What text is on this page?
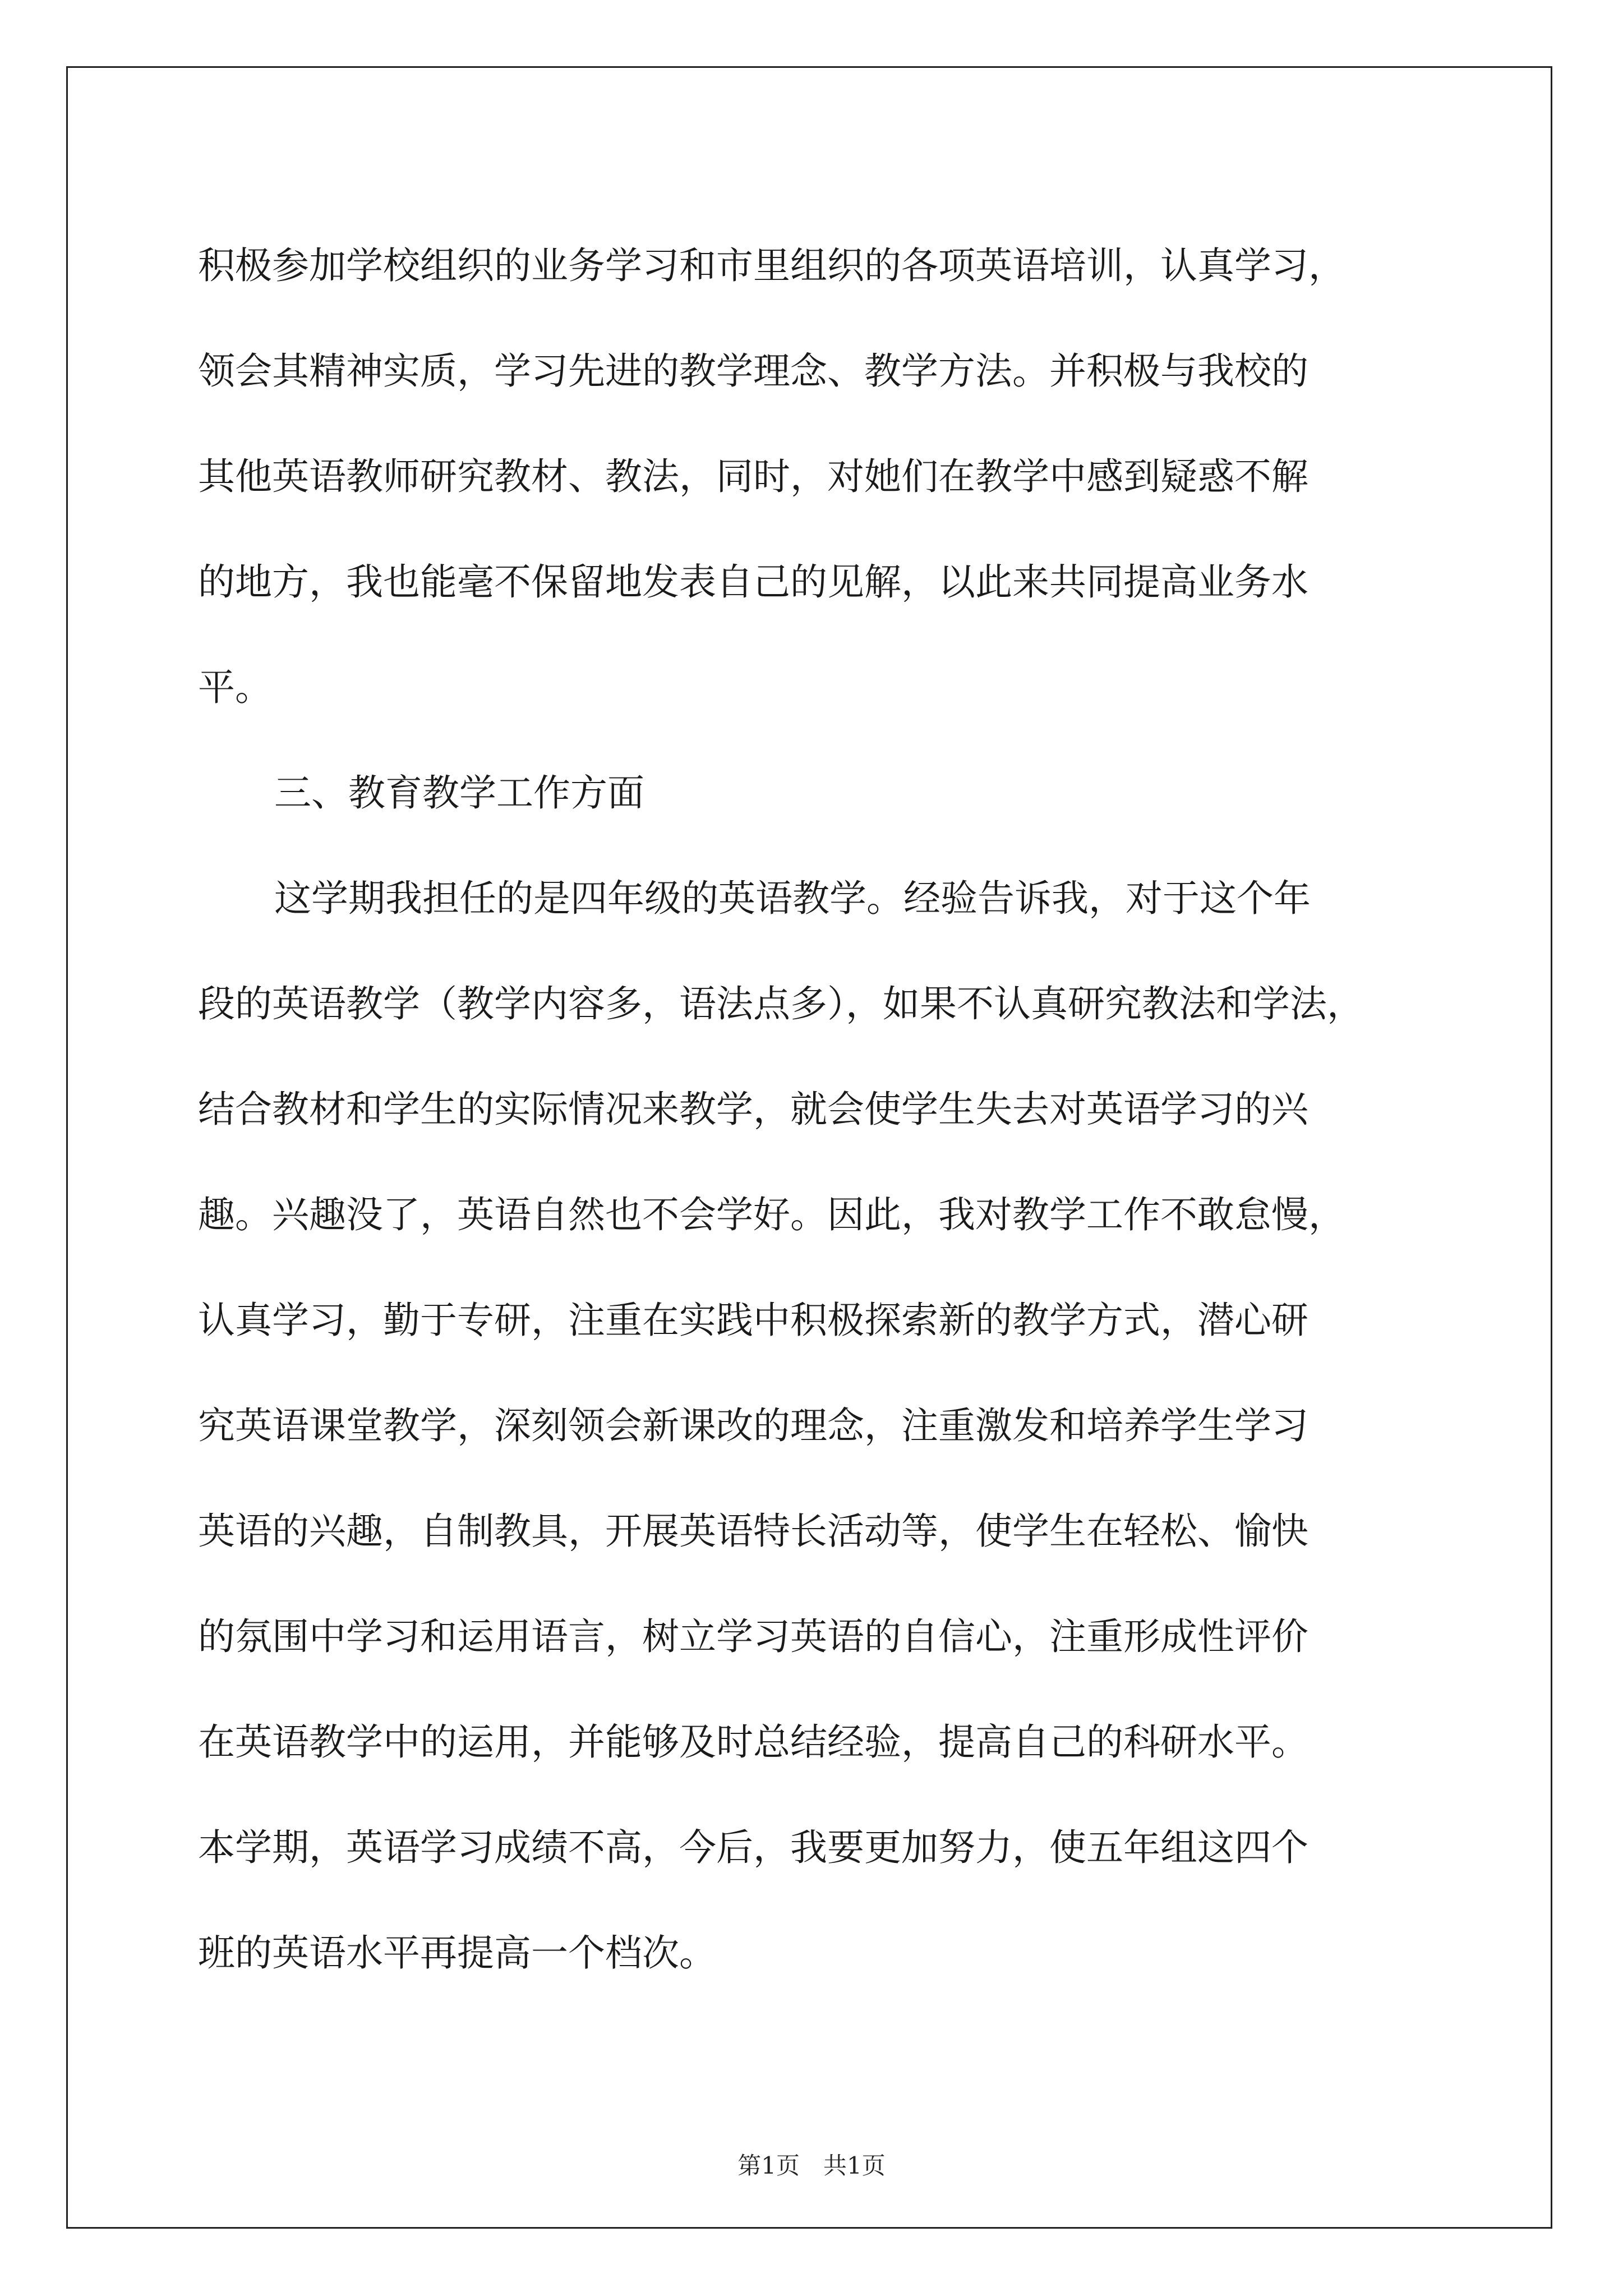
积极参加学校组织的业务学习和市里组织的各项英语培训，认真学习，
领会其精神实质，学习先进的教学理念、教学方法。并积极与我校的
其他英语教师研究教材、教法，同时，对她们在教学中感到疑惑不解
的地方，我也能毫不保留地发表自己的见解，以此来共同提高业务水
平。
三、教育教学工作方面
这学期我担任的是四年级的英语教学。经验告诉我，对于这个年
段的英语教学（教学内容多，语法点多），如果不认真研究教法和学法，
结合教材和学生的实际情况来教学，就会使学生失去对英语学习的兴
趣。兴趣没了，英语自然也不会学好。因此，我对教学工作不敢怠慢，
认真学习，勤于专研，注重在实践中积极探索新的教学方式，潜心研
究英语课堂教学，深刻领会新课改的理念，注重激发和培养学生学习
英语的兴趣，自制教具，开展英语特长活动等，使学生在轻松、愉快
的氛围中学习和运用语言，树立学习英语的自信心，注重形成性评价
在英语教学中的运用，并能够及时总结经验，提高自己的科研水平。
本学期，英语学习成绩不高，今后，我要更加努力，使五年组这四个
班的英语水平再提高一个档次。
第1页　共1页
